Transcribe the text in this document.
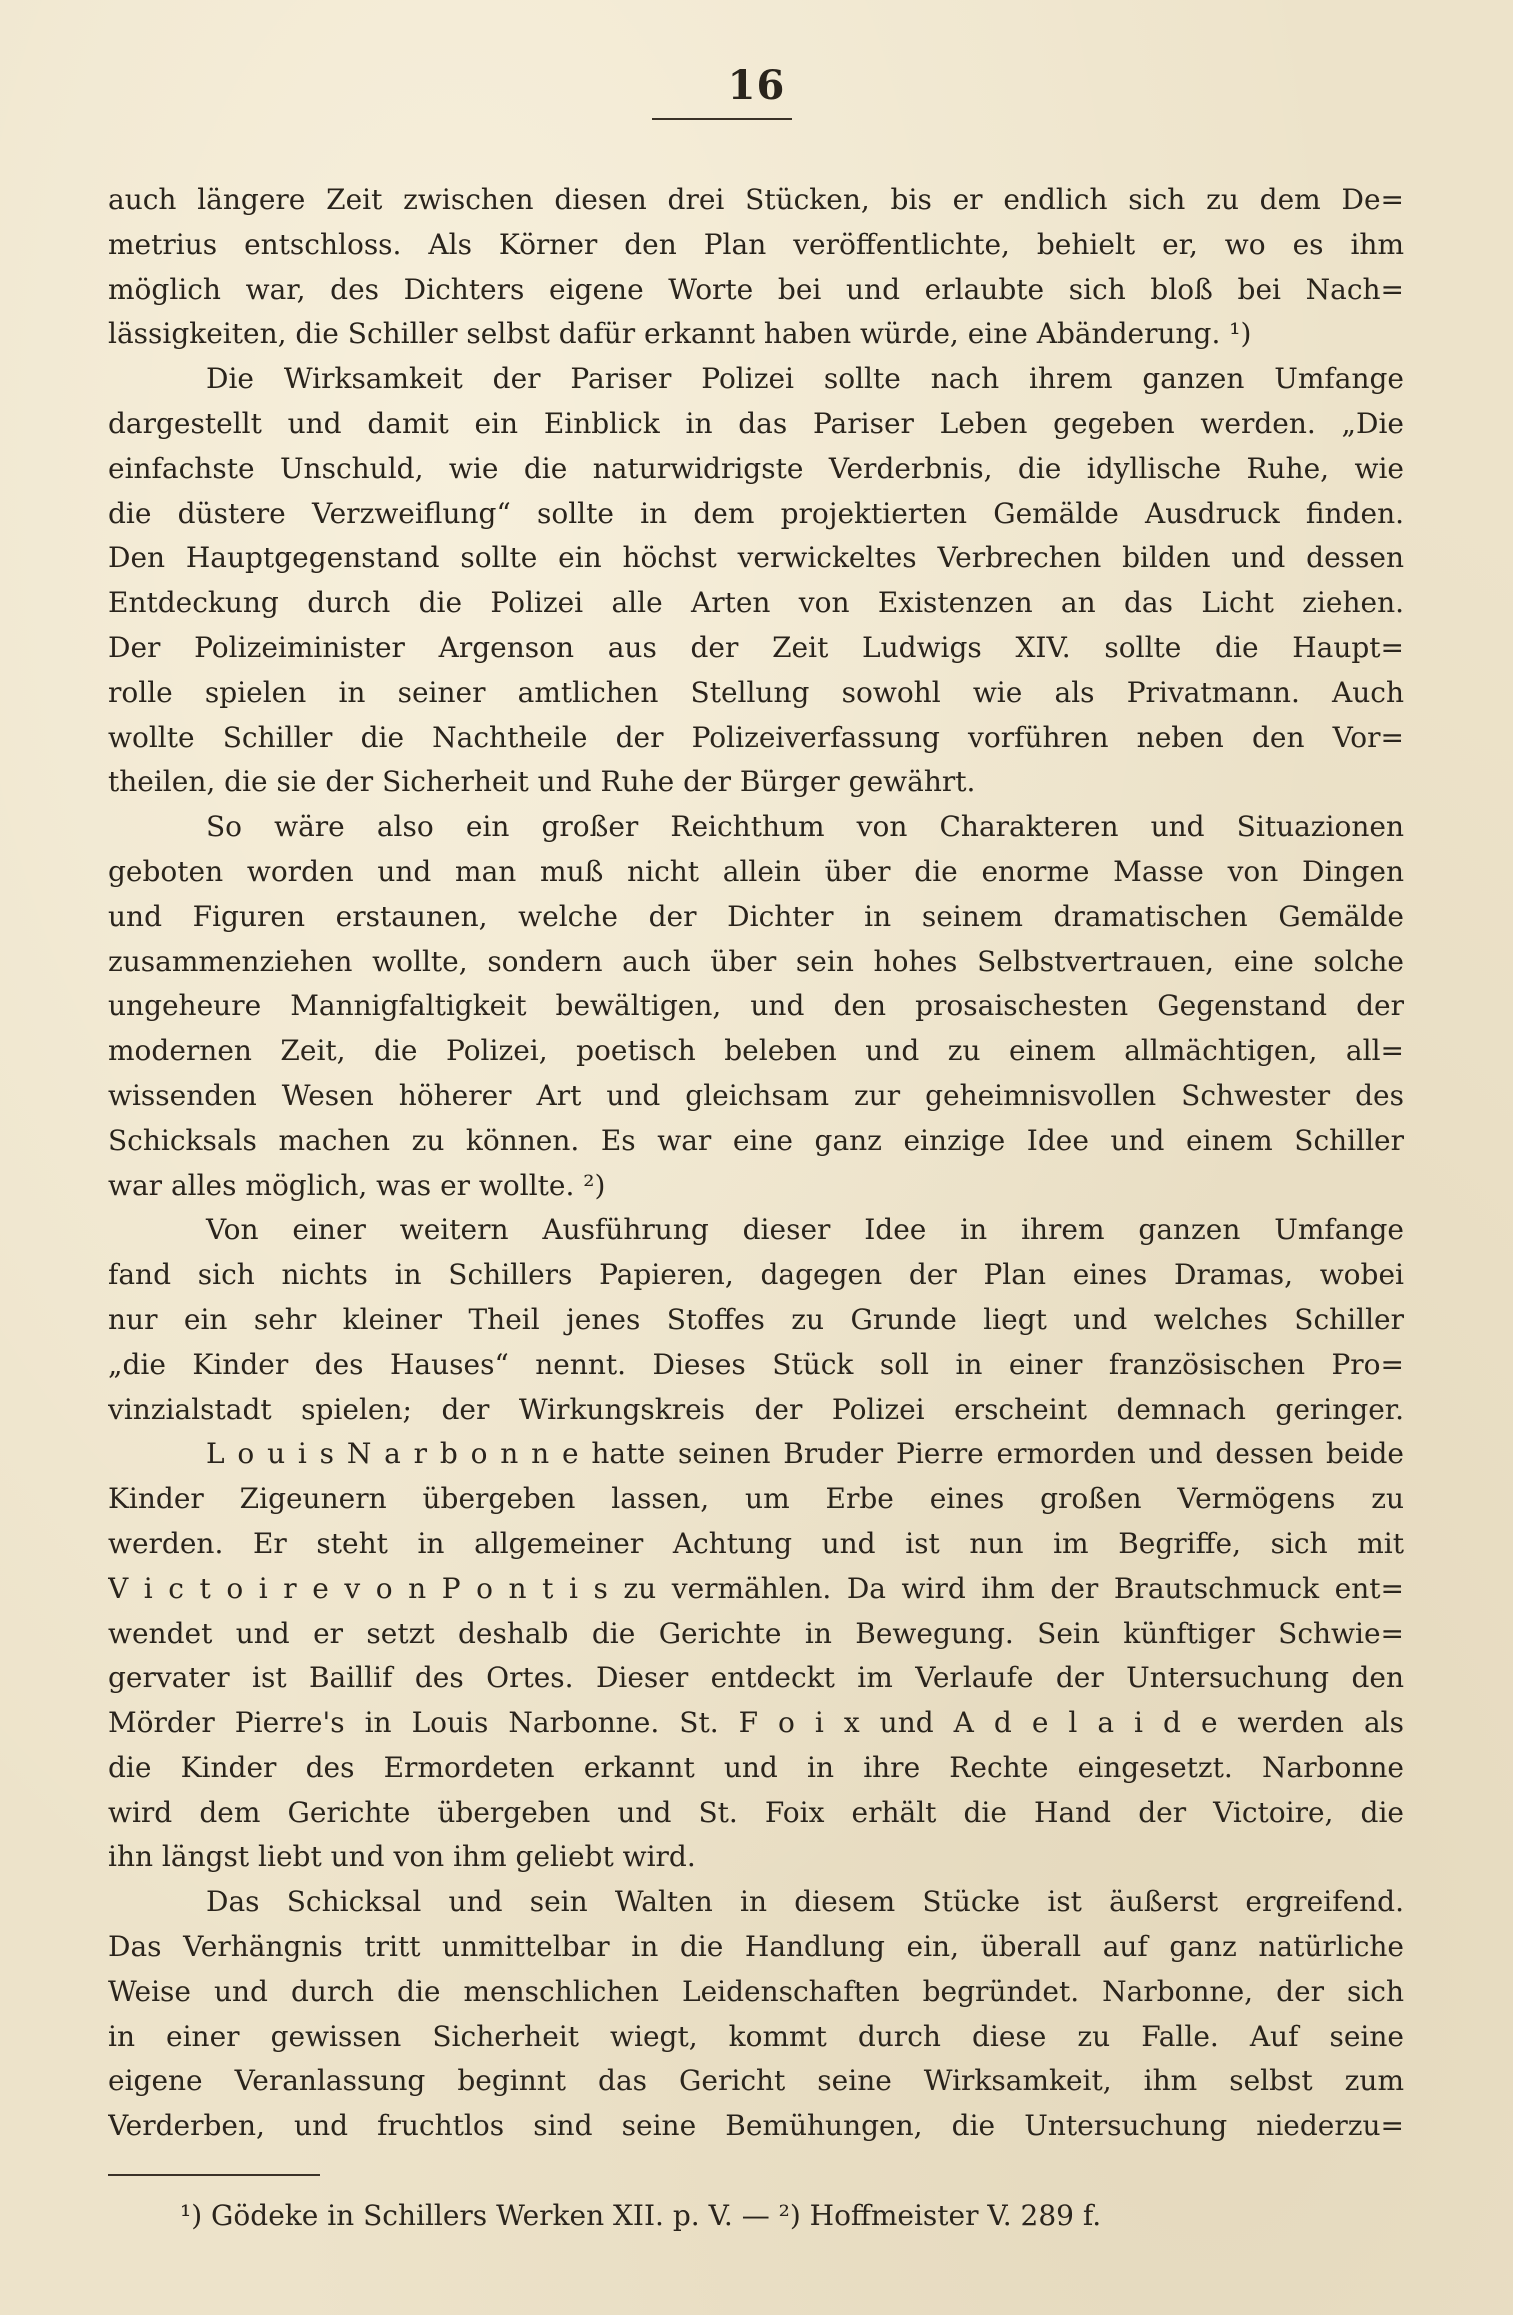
16
auch längere Zeit zwischen diesen drei Stücken, bis er endlich sich zu dem De=
metrius entschloss. Als Körner den Plan veröffentlichte, behielt er, wo es ihm
möglich war, des Dichters eigene Worte bei und erlaubte sich bloß bei Nach=
lässigkeiten, die Schiller selbst dafür erkannt haben würde, eine Abänderung. ¹)
Die Wirksamkeit der Pariser Polizei sollte nach ihrem ganzen Umfange
dargestellt und damit ein Einblick in das Pariser Leben gegeben werden. „Die
einfachste Unschuld, wie die naturwidrigste Verderbnis, die idyllische Ruhe, wie
die düstere Verzweiflung“ sollte in dem projektierten Gemälde Ausdruck finden.
Den Hauptgegenstand sollte ein höchst verwickeltes Verbrechen bilden und dessen
Entdeckung durch die Polizei alle Arten von Existenzen an das Licht ziehen.
Der Polizeiminister Argenson aus der Zeit Ludwigs XIV. sollte die Haupt=
rolle spielen in seiner amtlichen Stellung sowohl wie als Privatmann. Auch
wollte Schiller die Nachtheile der Polizeiverfassung vorführen neben den Vor=
theilen, die sie der Sicherheit und Ruhe der Bürger gewährt.
So wäre also ein großer Reichthum von Charakteren und Situazionen
geboten worden und man muß nicht allein über die enorme Masse von Dingen
und Figuren erstaunen, welche der Dichter in seinem dramatischen Gemälde
zusammenziehen wollte, sondern auch über sein hohes Selbstvertrauen, eine solche
ungeheure Mannigfaltigkeit bewältigen, und den prosaischesten Gegenstand der
modernen Zeit, die Polizei, poetisch beleben und zu einem allmächtigen, all=
wissenden Wesen höherer Art und gleichsam zur geheimnisvollen Schwester des
Schicksals machen zu können. Es war eine ganz einzige Idee und einem Schiller
war alles möglich, was er wollte. ²)
Von einer weitern Ausführung dieser Idee in ihrem ganzen Umfange
fand sich nichts in Schillers Papieren, dagegen der Plan eines Dramas, wobei
nur ein sehr kleiner Theil jenes Stoffes zu Grunde liegt und welches Schiller
„die Kinder des Hauses“ nennt. Dieses Stück soll in einer französischen Pro=
vinzialstadt spielen; der Wirkungskreis der Polizei erscheint demnach geringer.
L o u i s N a r b o n n e hatte seinen Bruder Pierre ermorden und dessen beide
Kinder Zigeunern übergeben lassen, um Erbe eines großen Vermögens zu
werden. Er steht in allgemeiner Achtung und ist nun im Begriffe, sich mit
V i c t o i r e v o n P o n t i s zu vermählen. Da wird ihm der Brautschmuck ent=
wendet und er setzt deshalb die Gerichte in Bewegung. Sein künftiger Schwie=
gervater ist Baillif des Ortes. Dieser entdeckt im Verlaufe der Untersuchung den
Mörder Pierre's in Louis Narbonne. St. F o i x und A d e l a i d e werden als
die Kinder des Ermordeten erkannt und in ihre Rechte eingesetzt. Narbonne
wird dem Gerichte übergeben und St. Foix erhält die Hand der Victoire, die
ihn längst liebt und von ihm geliebt wird.
Das Schicksal und sein Walten in diesem Stücke ist äußerst ergreifend.
Das Verhängnis tritt unmittelbar in die Handlung ein, überall auf ganz natürliche
Weise und durch die menschlichen Leidenschaften begründet. Narbonne, der sich
in einer gewissen Sicherheit wiegt, kommt durch diese zu Falle. Auf seine
eigene Veranlassung beginnt das Gericht seine Wirksamkeit, ihm selbst zum
Verderben, und fruchtlos sind seine Bemühungen, die Untersuchung niederzu=
¹) Gödeke in Schillers Werken XII. p. V. — ²) Hoffmeister V. 289 f.
